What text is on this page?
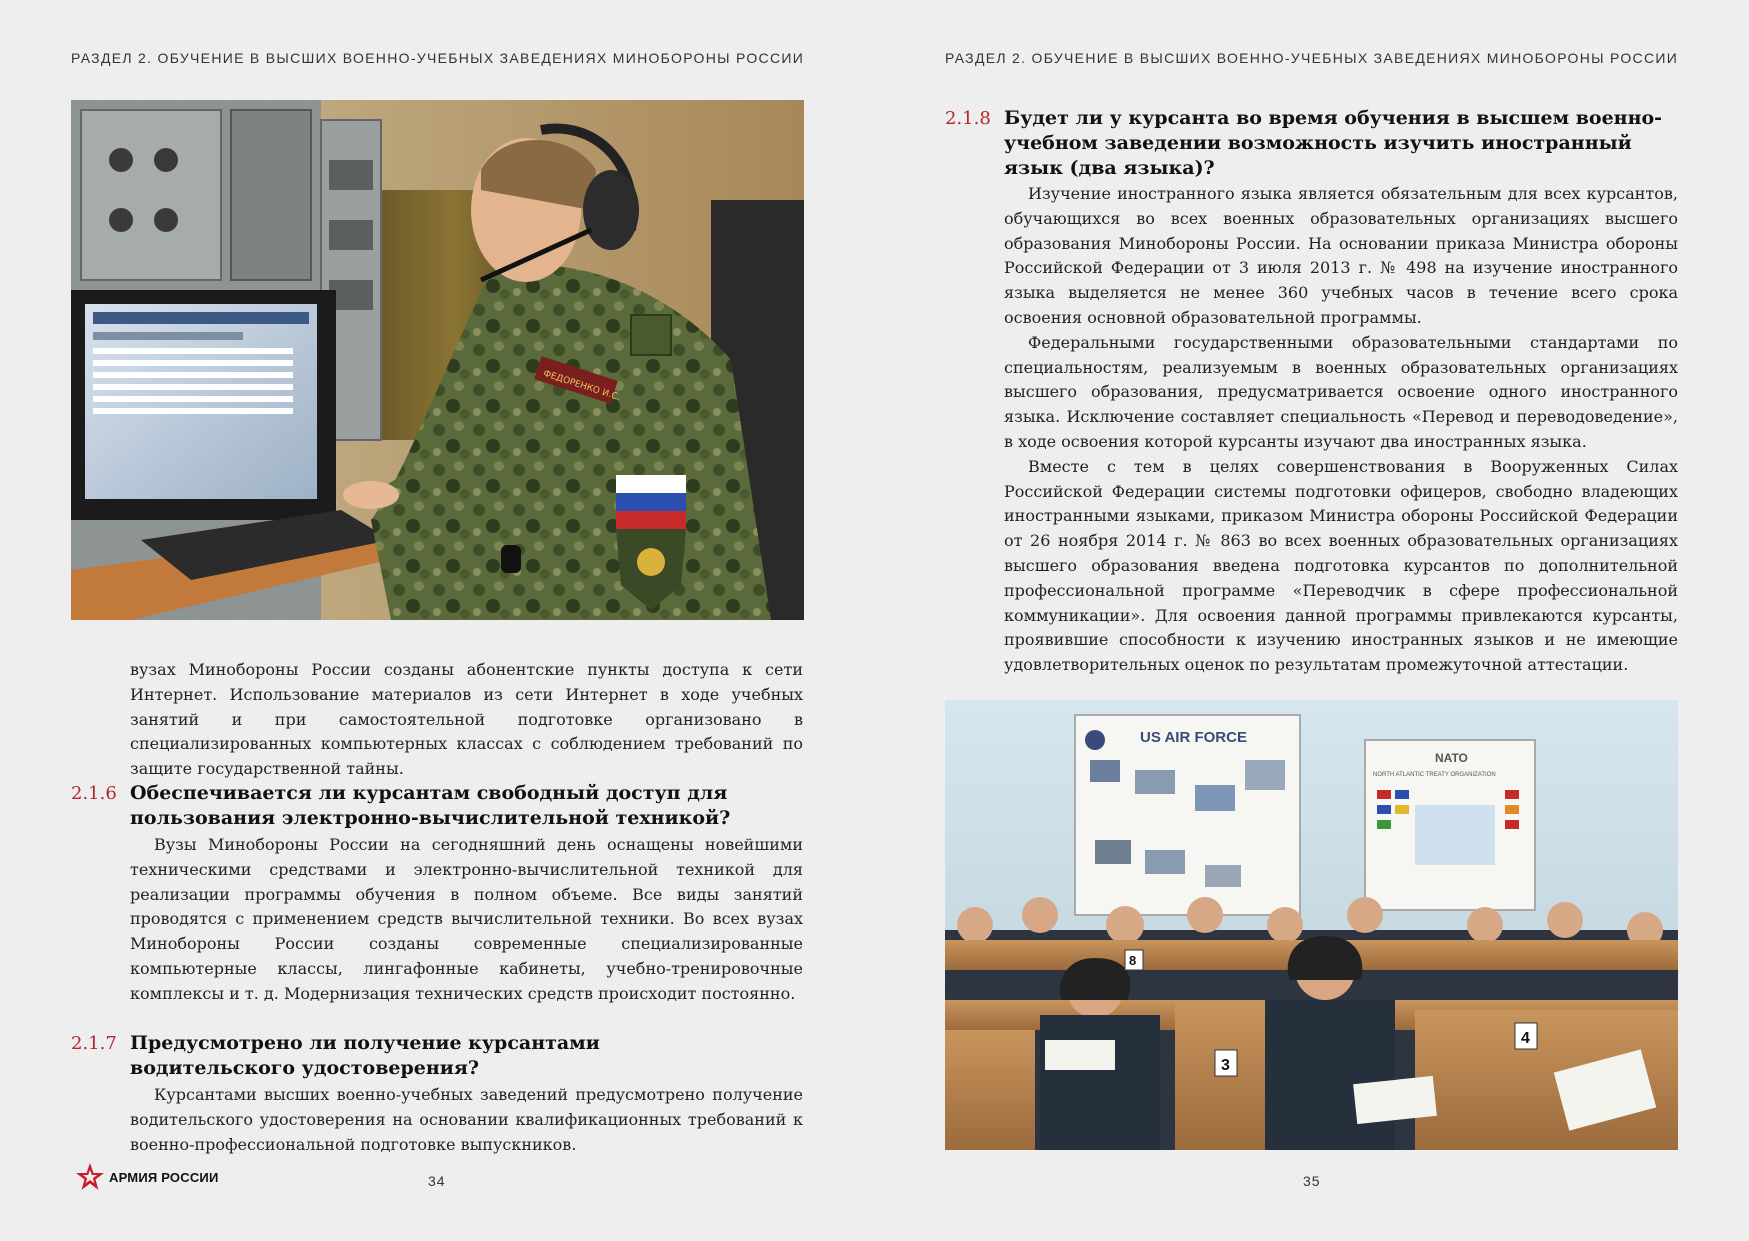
РАЗДЕЛ 2. ОБУЧЕНИЕ В ВЫСШИХ ВОЕННО-УЧЕБНЫХ ЗАВЕДЕНИЯХ МИНОБОРОНЫ РОССИИ
ФЕДОРЕНКО И.С.

вузах Минобороны России созданы абонентские пункты доступа к сети Интернет. Использование материалов из сети Интернет в ходе учебных занятий и при самостоятельной подготовке организовано в специализированных компьютерных классах с соблюдением требований по защите государственной тайны.

2.1.6 Обеспечивается ли курсантам свободный доступ для пользования электронно-вычислительной техникой?

Вузы Минобороны России на сегодняшний день оснащены новейшими техническими средствами и электронно-вычислительной техникой для реализации программы обучения в полном объеме. Все виды занятий проводятся с применением средств вычислительной техники. Во всех вузах Минобороны России созданы современные специализированные компьютерные классы, лингафонные кабинеты, учебно-тренировочные комплексы и т. д. Модернизация технических средств происходит постоянно.

2.1.7 Предусмотрено ли получение курсантами водительского удостоверения?

Курсантами высших военно-учебных заведений предусмотрено получение водительского удостоверения на основании квалификационных требований к военно-профессиональной подготовке выпускников.

АРМИЯ РОССИИ	34
РАЗДЕЛ 2. ОБУЧЕНИЕ В ВЫСШИХ ВОЕННО-УЧЕБНЫХ ЗАВЕДЕНИЯХ МИНОБОРОНЫ РОССИИ
2.1.8 Будет ли у курсанта во время обучения в высшем военно-учебном заведении возможность изучить иностранный язык (два языка)?

Изучение иностранного языка является обязательным для всех курсантов, обучающихся во всех военных образовательных организациях высшего образования Минобороны России. На основании приказа Министра обороны Российской Федерации от 3 июля 2013 г. № 498 на изучение иностранного языка выделяется не менее 360 учебных часов в течение всего срока освоения основной образовательной программы.

Федеральными государственными образовательными стандартами по специальностям, реализуемым в военных образовательных организациях высшего образования, предусматривается освоение одного иностранного языка. Исключение составляет специальность «Перевод и переводоведение», в ходе освоения которой курсанты изучают два иностранных языка.

Вместе с тем в целях совершенствования в Вооруженных Силах Российской Федерации системы подготовки офицеров, свободно владеющих иностранными языками, приказом Министра обороны Российской Федерации от 26 ноября 2014 г. № 863 во всех военных образовательных организациях высшего образования введена подготовка курсантов по дополнительной профессиональной программе «Переводчик в сфере профессиональной коммуникации». Для освоения данной программы привлекаются курсанты, проявившие способности к изучению иностранных языков и не имеющие удовлетворительных оценок по результатам промежуточной аттестации.

US AIR FORCE
NATO
NORTH ATLANTIC TREATY ORGANIZATION
3
4
8
35
